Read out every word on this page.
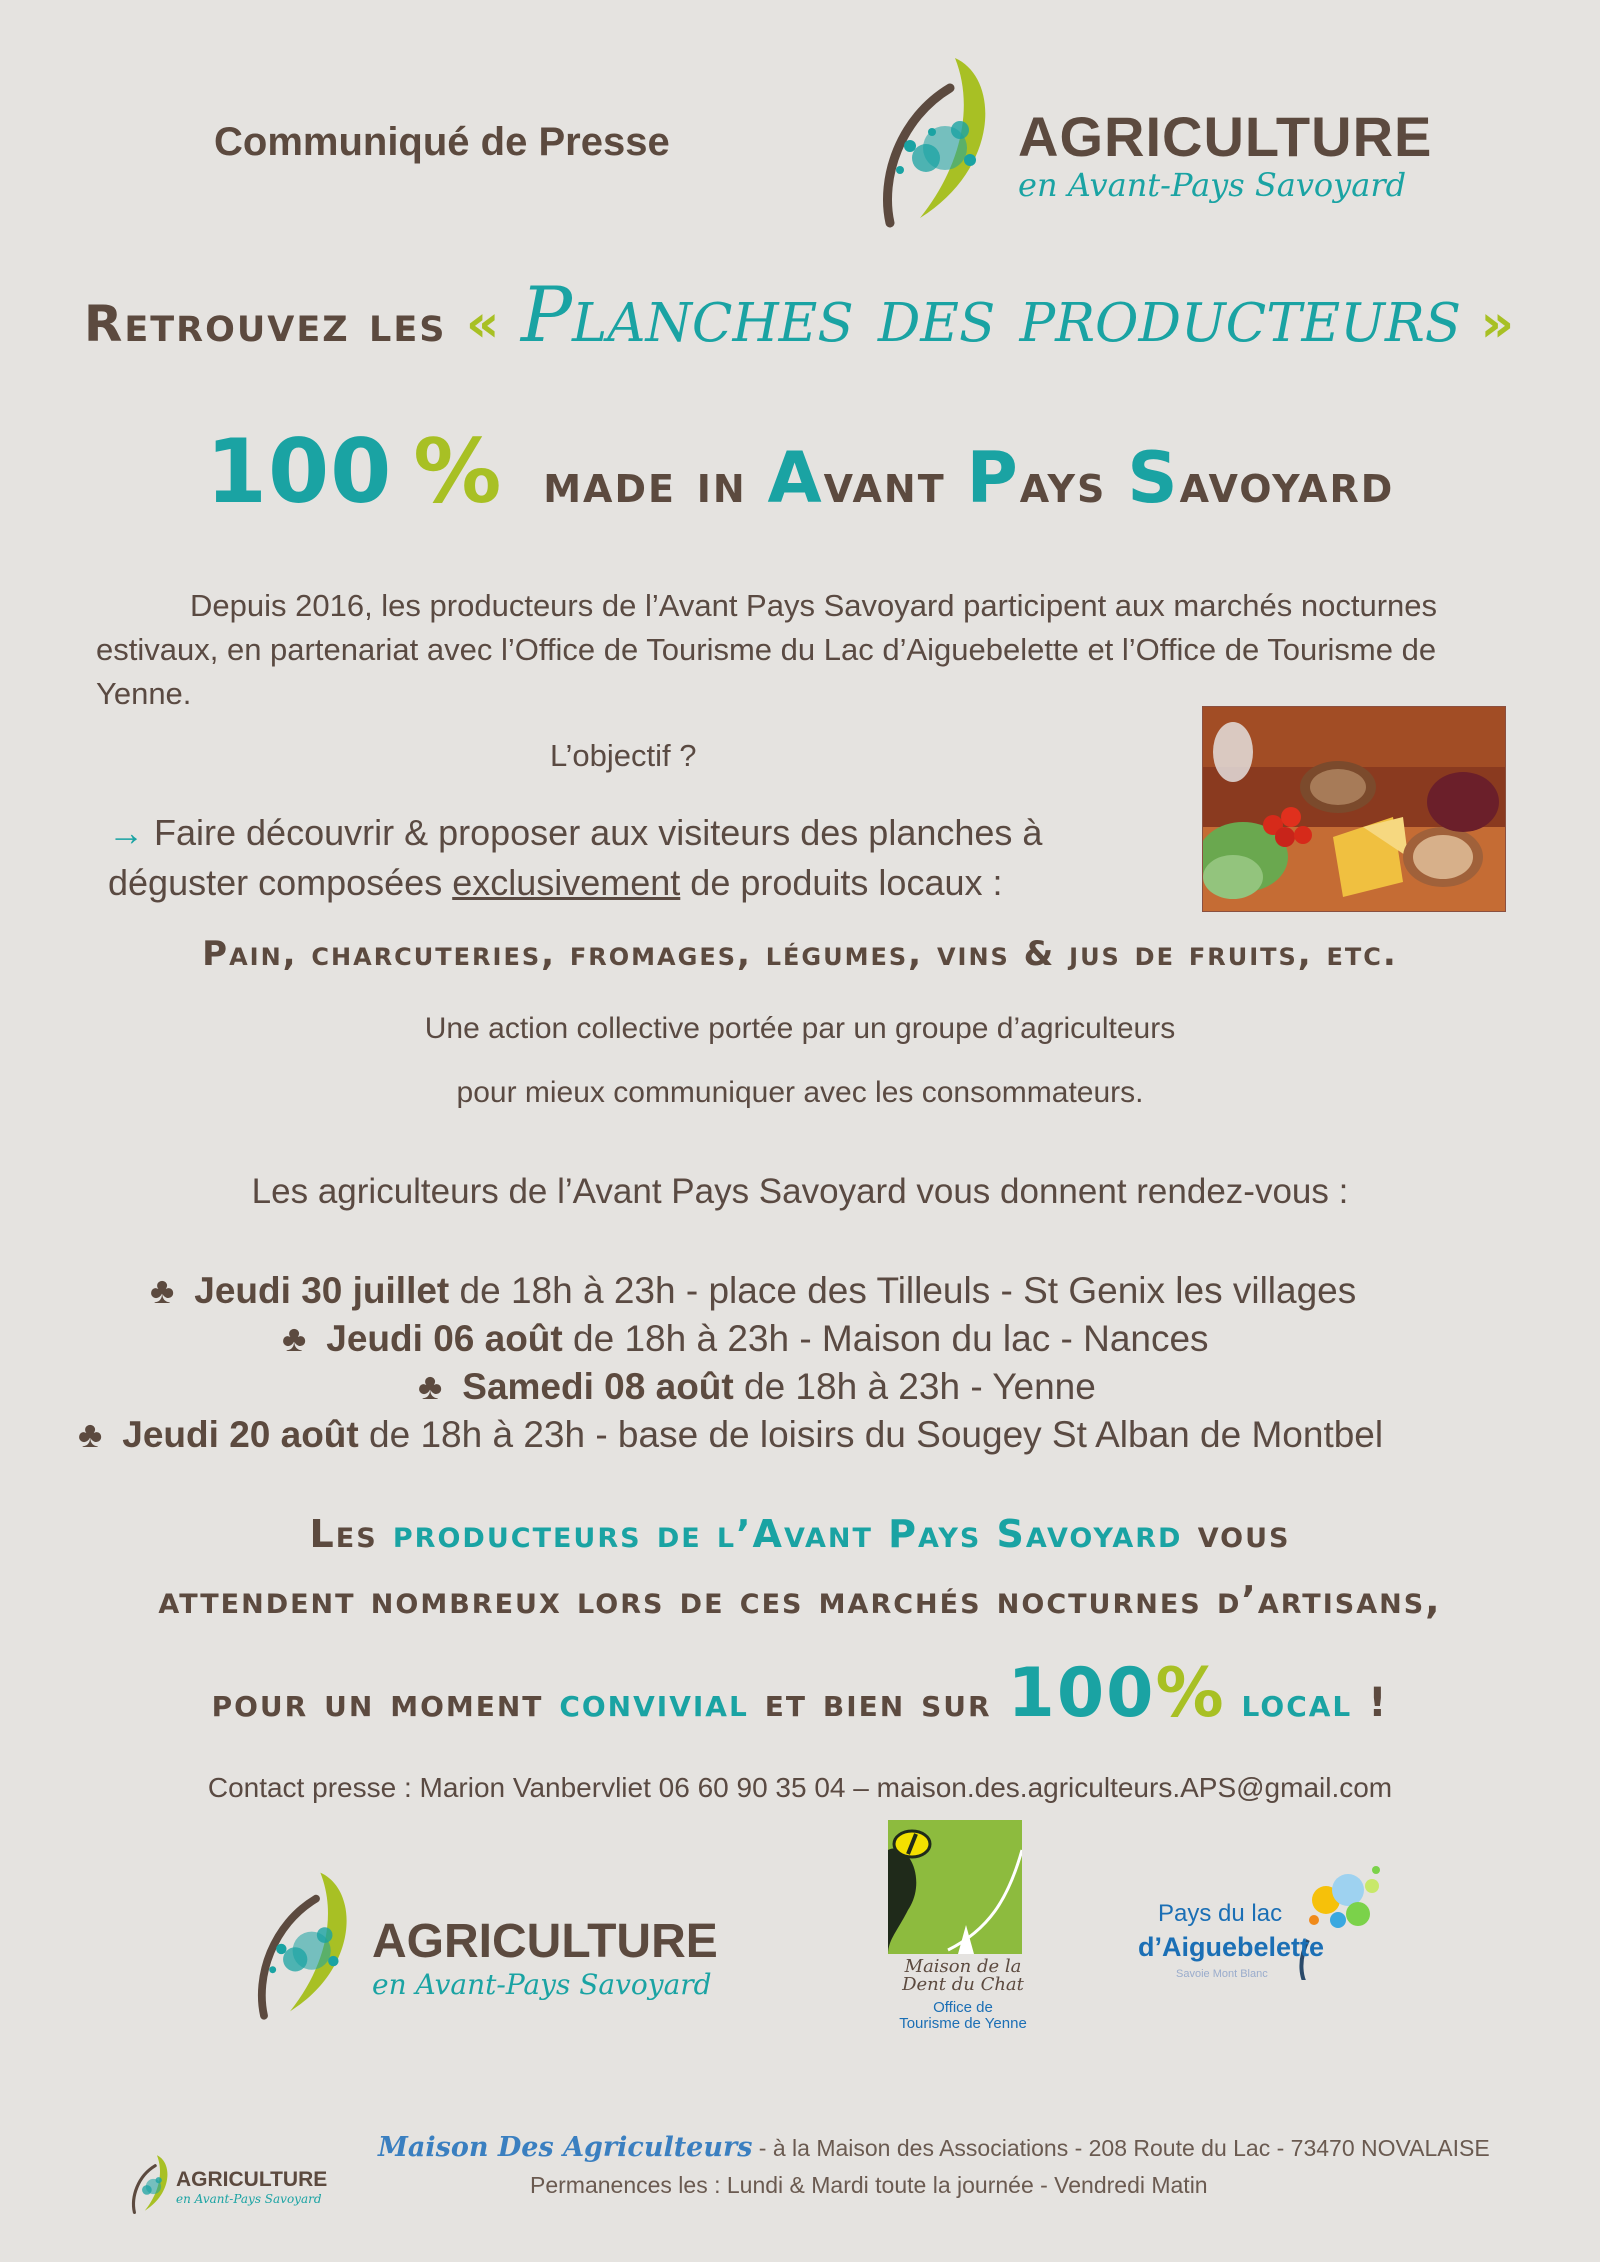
Communiqué de Presse	AGRICULTURE
en Avant-Pays Savoyard
Retrouvez les « Planches des producteurs »
100 % made in Avant Pays Savoyard
Depuis 2016, les producteurs de l’Avant Pays Savoyard participent aux marchés nocturnes estivaux, en partenariat avec l’Office de Tourisme du Lac d’Aiguebelette et l’Office de Tourisme de Yenne.
L’objectif ?
→ Faire découvrir & proposer aux visiteurs des planches à déguster composées exclusivement de produits locaux :
Pain, charcuteries, fromages, légumes, vins & jus de fruits, etc.
Une action collective portée par un groupe d’agriculteurs
pour mieux communiquer avec les consommateurs.
Les agriculteurs de l’Avant Pays Savoyard vous donnent rendez-vous :
♣ Jeudi 30 juillet de 18h à 23h - place des Tilleuls - St Genix les villages
♣ Jeudi 06 août de 18h à 23h - Maison du lac - Nances
♣ Samedi 08 août de 18h à 23h - Yenne
♣ Jeudi 20 août de 18h à 23h - base de loisirs du Sougey St Alban de Montbel
Les producteurs de l’Avant Pays Savoyard vous
attendent nombreux lors de ces marchés nocturnes d’artisans,
pour un moment convivial et bien sur 100% local !
Contact presse : Marion Vanbervliet 06 60 90 35 04 – maison.des.agriculteurs.APS@gmail.com
AGRICULTURE
en Avant-Pays Savoyard
Maison de la
Dent du Chat
Office de
Tourisme de Yenne
Pays du lac
d’Aiguebelette
Savoie Mont Blanc
AGRICULTURE
en Avant-Pays Savoyard
Maison Des Agriculteurs - à la Maison des Associations - 208 Route du Lac - 73470 NOVALAISE
Permanences les : Lundi & Mardi toute la journée - Vendredi Matin
